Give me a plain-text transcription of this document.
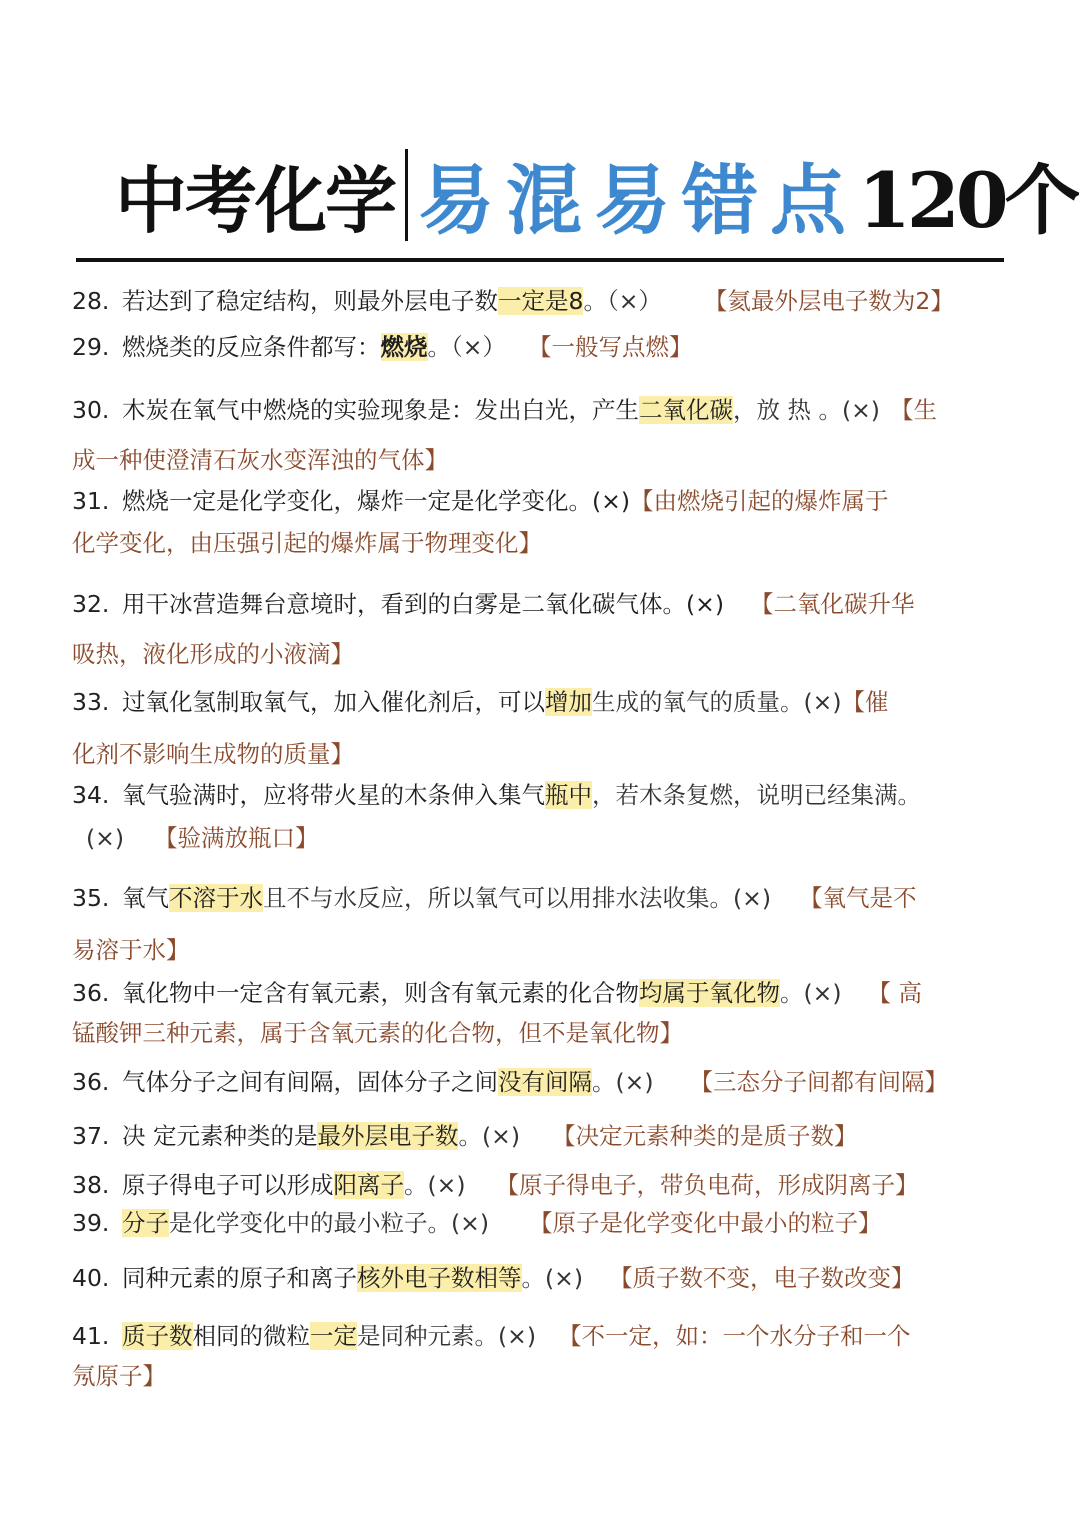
中考化学 易混易错点 120个
28. 若达到了稳定结构，则最外层电子数一定是8。（×） 【氦最外层电子数为2】
29. 燃烧类的反应条件都写：燃烧。（×） 【一般写点燃】
30. 木炭在氧气中燃烧的实验现象是：发出白光，产生二氧化碳，放 热 。(×) 【生
成一种使澄清石灰水变浑浊的气体】
31. 燃烧一定是化学变化，爆炸一定是化学变化。(×)【由燃烧引起的爆炸属于
化学变化，由压强引起的爆炸属于物理变化】
32. 用干冰营造舞台意境时，看到的白雾是二氧化碳气体。(×) 【二氧化碳升华
吸热，液化形成的小液滴】
33. 过氧化氢制取氧气，加入催化剂后，可以增加生成的氧气的质量。(×)【催
化剂不影响生成物的质量】
34. 氧气验满时，应将带火星的木条伸入集气瓶中，若木条复燃，说明已经集满。
(×) 【验满放瓶口】
35. 氧气不溶于水且不与水反应，所以氧气可以用排水法收集。(×) 【氧气是不
易溶于水】
36. 氧化物中一定含有氧元素，则含有氧元素的化合物均属于氧化物。(×) 【 高
锰酸钾三种元素，属于含氧元素的化合物，但不是氧化物】
36. 气体分子之间有间隔，固体分子之间没有间隔。(×) 【三态分子间都有间隔】
37. 决 定元素种类的是最外层电子数。(×) 【决定元素种类的是质子数】
38. 原子得电子可以形成阳离子。(×) 【原子得电子，带负电荷，形成阴离子】
39. 分子是化学变化中的最小粒子。(×) 【原子是化学变化中最小的粒子】
40. 同种元素的原子和离子核外电子数相等。(×) 【质子数不变，电子数改变】
41. 质子数相同的微粒一定是同种元素。(×) 【不一定，如：一个水分子和一个
氖原子】
